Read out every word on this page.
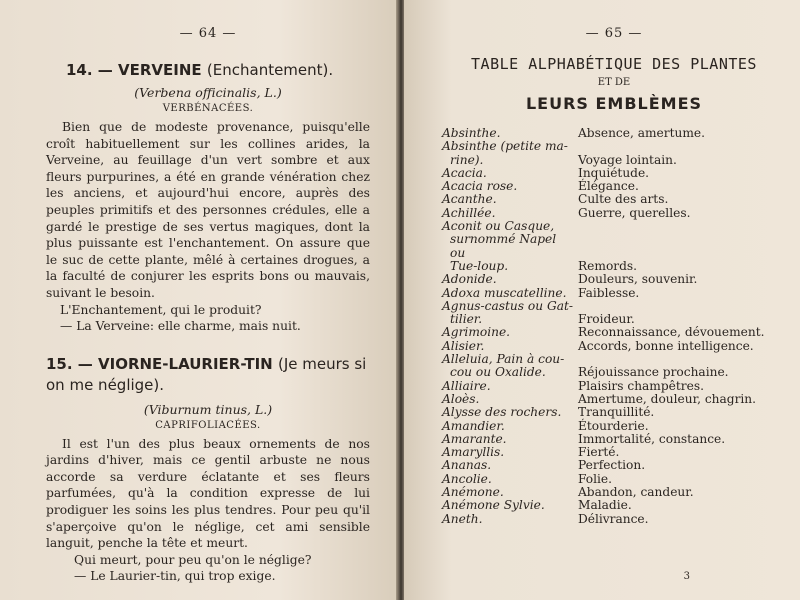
— 64 —
14. — VERVEINE (Enchantement).
(Verbena officinalis, L.)
VERBÉNACÉES.

Bien que de modeste provenance, puisqu'elle croît habituellement sur les collines arides, la Verveine, au feuillage d'un vert sombre et aux fleurs purpurines, a été en grande vénération chez les anciens, et aujourd'hui encore, auprès des peuples primitifs et des personnes crédules, elle a gardé le prestige de ses vertus magiques, dont la plus puissante est l'enchantement. On assure que le suc de cette plante, mêlé à certaines drogues, a la faculté de conjurer les esprits bons ou mauvais, suivant le besoin.

L'Enchantement, qui le produit?

— La Verveine: elle charme, mais nuit.

15. — VIORNE-LAURIER-TIN (Je meurs si on me néglige).
(Viburnum tinus, L.)
CAPRIFOLIACÉES.

Il est l'un des plus beaux ornements de nos jardins d'hiver, mais ce gentil arbuste ne nous accorde sa verdure éclatante et ses fleurs parfumées, qu'à la condition expresse de lui prodiguer les soins les plus tendres. Pour peu qu'il s'aperçoive qu'on le néglige, cet ami sensible languit, penche la tête et meurt.

Qui meurt, pour peu qu'on le néglige?

— Le Laurier-tin, qui trop exige.

— 65 —
TABLE ALPHABÉTIQUE DES PLANTES
ET DE
LEURS EMBLÈMES
Absinthe.	Absence, amertume.
Absinthe (petite ma-
rine).	Voyage lointain.
Acacia.	Inquiétude.
Acacia rose.	Élégance.
Acanthe.	Culte des arts.
Achillée.	Guerre, querelles.
Aconit ou Casque,
surnommé Napel ou
Tue-loup.	Remords.
Adonide.	Douleurs, souvenir.
Adoxa muscatelline. Faiblesse.
Agnus-castus ou Gat-
tilier.	Froideur.
Agrimoine.	Reconnaissance, dévouement.
Alisier.	Accords, bonne intelligence.
Alleluia, Pain à cou-
cou ou Oxalide.	Réjouissance prochaine.
Alliaire.	Plaisirs champêtres.
Aloès.	Amertume, douleur, chagrin.
Alysse des rochers.	Tranquillité.
Amandier.	Étourderie.
Amarante.	Immortalité, constance.
Amaryllis.	Fierté.
Ananas.	Perfection.
Ancolie.	Folie.
Anémone.	Abandon, candeur.
Anémone Sylvie.	Maladie.
Aneth.	Délivrance.
3
